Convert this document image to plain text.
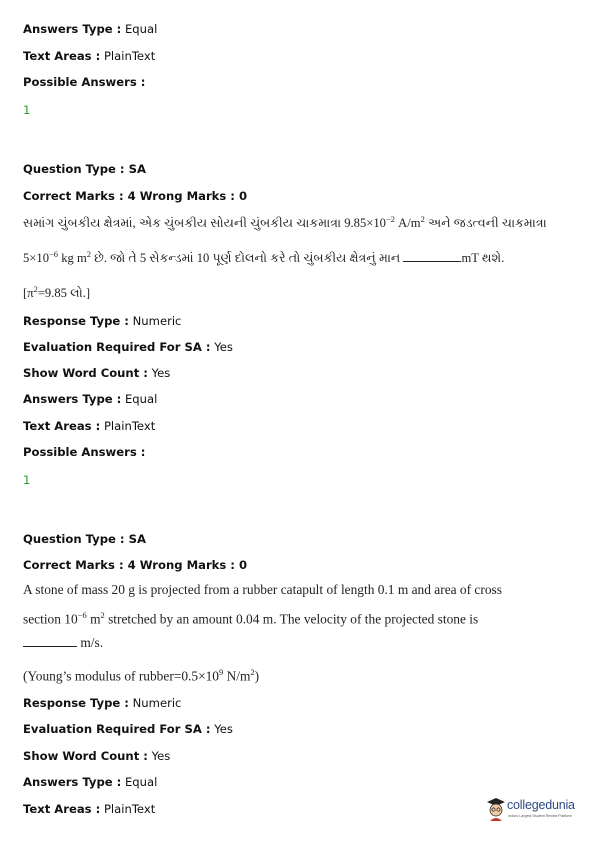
Answers Type : Equal
Text Areas : PlainText
Possible Answers :
1
Question Type : SA
Correct Marks : 4 Wrong Marks : 0
સમાંગ ચુંબકીય ક્ષેત્રમાં, એક ચુંબકીય સોયની ચુંબકીય ચાકમાત્રા $9.85\times 10^{-2}$ $A/m^2$ અને જડત્વની ચાકમાત્રા
$5\times 10^{-6}$ kg $m^2$ છે. જો તે 5 સેકન્ડમાં 10 પૂર્ણ દોલનો કરે તો ચુંબકીય ક્ષેત્રનું માન	mT થશે.
[$\pi^2=9.85$ લો.]
Response Type : Numeric
Evaluation Required For SA : Yes
Show Word Count : Yes
Answers Type : Equal
Text Areas : PlainText
Possible Answers :
1
Question Type : SA
Correct Marks : 4 Wrong Marks : 0
A stone of mass 20 g is projected from a rubber catapult of length 0.1 m and area of cross
section $10^{-6}$ $m^2$ stretched by an amount 0.04 m. The velocity of the projected stone is
m/s.
(Young’s modulus of $rubber=0.5\times 10^9$ $N/m^2$)
Response Type : Numeric
Evaluation Required For SA : Yes
Show Word Count : Yes
Answers Type : Equal
Text Areas : PlainText	collegedunia
India's Largest Student Review Platform
